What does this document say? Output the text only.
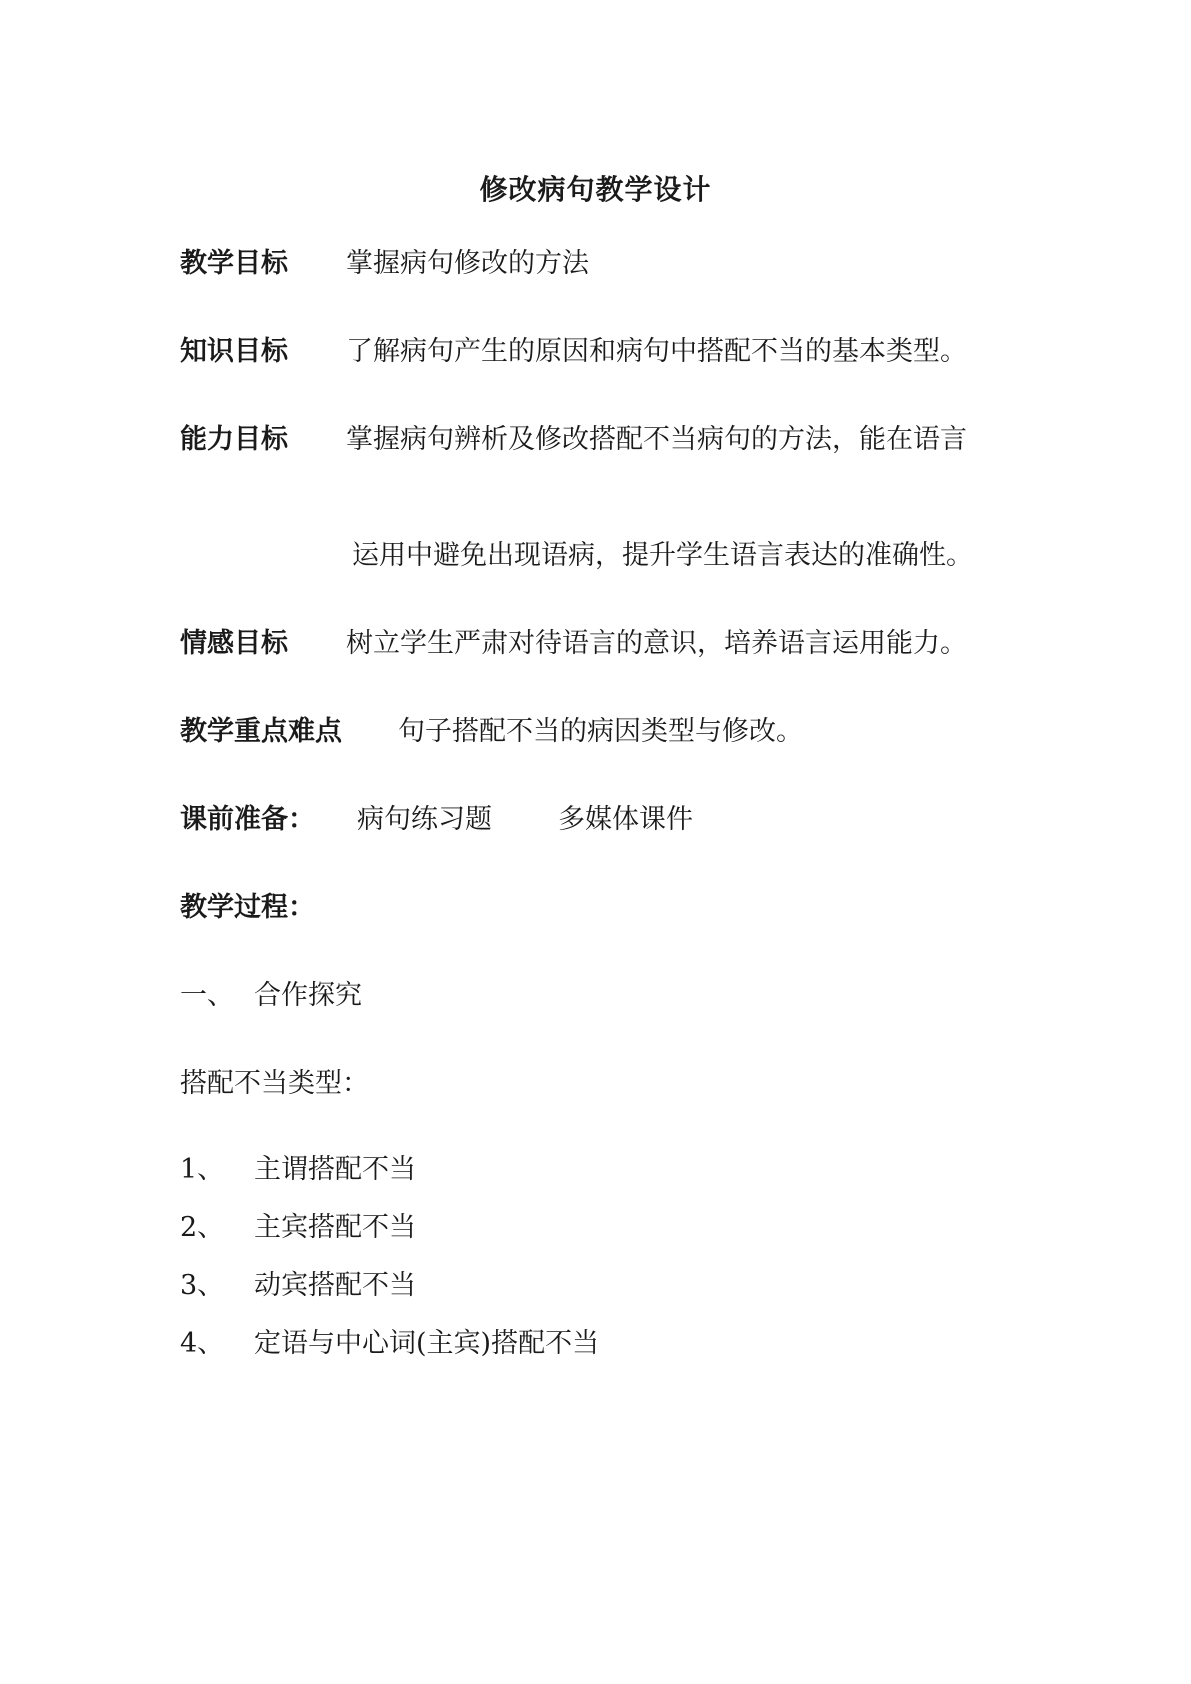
修改病句教学设计
教学目标 掌握病句修改的方法
知识目标 了解病句产生的原因和病句中搭配不当的基本类型。
能力目标 掌握病句辨析及修改搭配不当病句的方法，能在语言
运用中避免出现语病，提升学生语言表达的准确性。
情感目标 树立学生严肃对待语言的意识，培养语言运用能力。
教学重点难点 句子搭配不当的病因类型与修改。
课前准备： 病句练习题 多媒体课件
教学过程：
一、 合作探究
搭配不当类型：
1、 主谓搭配不当
2、 主宾搭配不当
3、 动宾搭配不当
4、 定语与中心词(主宾)搭配不当
